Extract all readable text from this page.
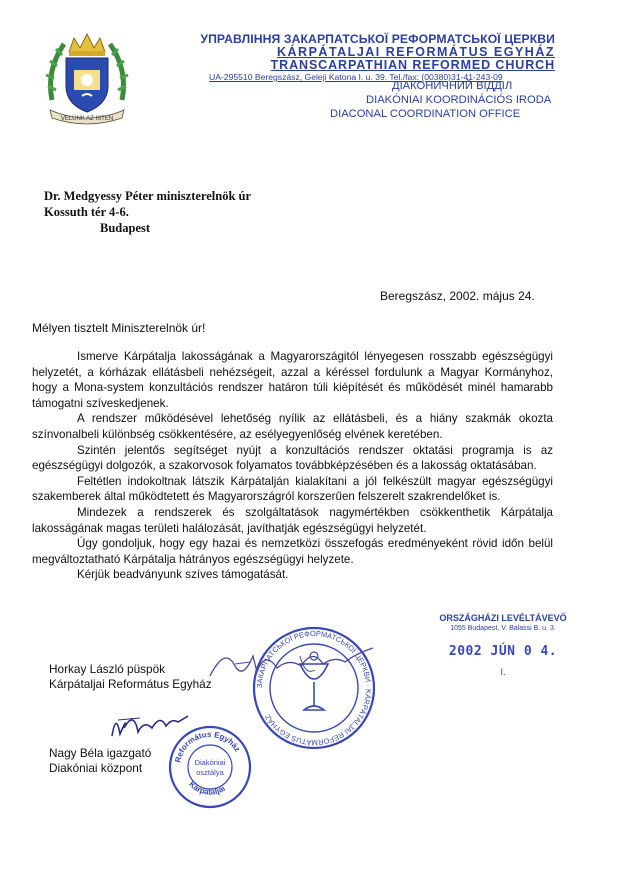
VELÜNK AZ ISTEN
УПРАВЛІННЯ ЗАКАРПАТСЬКОЇ РЕФОРМАТСЬКОЇ ЦЕРКВИ
KÁRPÁTALJAI REFORMÁTUS EGYHÁZ
TRANSCARPATHIAN REFORMED CHURCH
UA-295510 Beregszász, Geleji Katona I. u. 39. Tel./fax: (00380)31-41-243-09
ДІАКОНИЧНИЙ ВІДДІЛ
DIAKÓNIAI KOORDINÁCIÓS IRODA
DIACONAL COORDINATION OFFICE
Dr. Medgyessy Péter miniszterelnök úr
Kossuth tér 4-6.
Budapest
Beregszász, 2002. május 24.
Mélyen tisztelt Miniszterelnök úr!

Ismerve Kárpátalja lakosságának a Magyarországitól lényegesen rosszabb egészségügyi helyzetét, a kórházak ellátásbeli nehézségeit, azzal a kéréssel fordulunk a Magyar Kormányhoz, hogy a Mona-system konzultációs rendszer határon túli kiépítését és működését minél hamarabb támogatni szíveskedjenek.

A rendszer működésével lehetőség nyílik az ellátásbeli, és a hiány szakmák okozta színvonalbeli különbség csökkentésére, az esélyegyenlőség elvének keretében.

Szintén jelentős segítséget nyújt a konzultációs rendszer oktatási programja is az egészségügyi dolgozók, a szakorvosok folyamatos továbbképzésében és a lakosság oktatásában.

Feltétlen indokoltnak látszik Kárpátalján kialakítani a jól felkészült magyar egészségügyi szakemberek által működtetett és Magyarországról korszerűen felszerelt szakrendelőket is.

Mindezek a rendszerek és szolgáltatások nagymértékben csökkenthetik Kárpátalja lakosságának magas területi halálozását, javíthatják egészségügyi helyzetét.

Úgy gondoljuk, hogy egy hazai és nemzetközi összefogás eredményeként rövid időn belül megváltoztatható Kárpátalja hátrányos egészségügyi helyzete.

Kérjük beadványunk szíves támogatását.

ORSZÁGHÁZI LEVÉLTÁVEVŐ
1055 Budapest, V. Balassi B. u. 3.
2002 JÚN 0 4.
I.
ЗАКАРПАТСЬКОЇ РЕФОРМАТСЬКОЇ ЦЕРКВИ · KÁRPÁTALJAI REFORMÁTUS EGYHÁZ
Horkay László püspök
Kárpátaljai Református Egyház
Nagy Béla igazgató
Diakóniai központ
Református Egyház
Kárpátaljai
Diakóniai
osztálya
